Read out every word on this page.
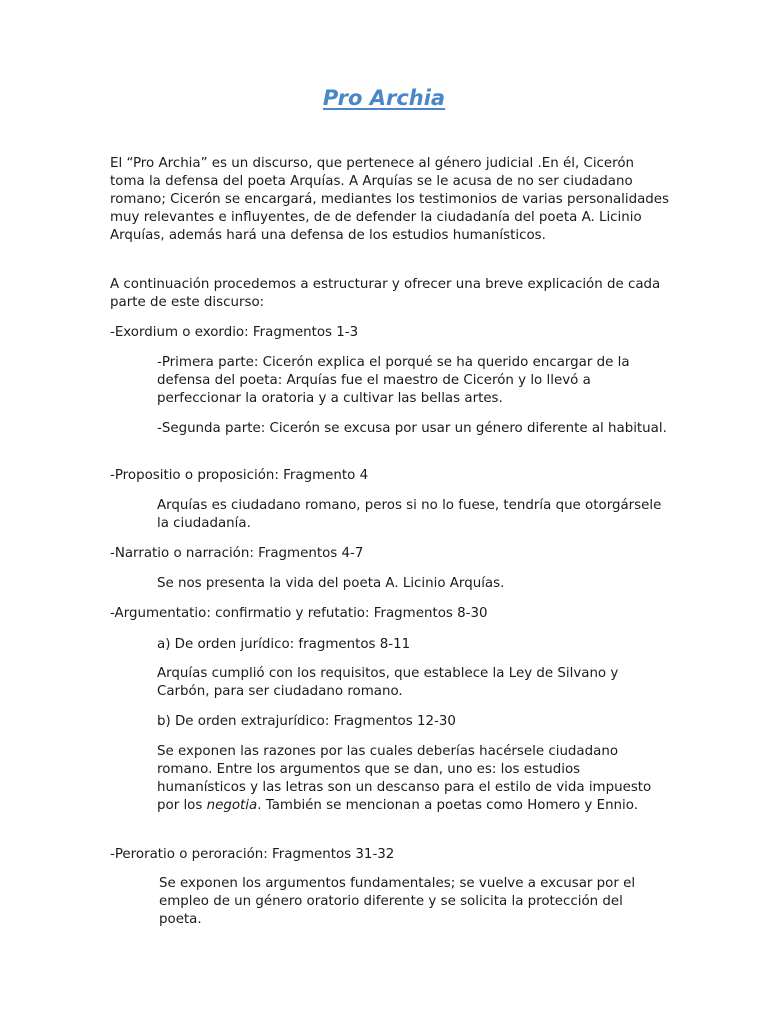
Pro Archia

El “Pro Archia” es un discurso, que pertenece al género judicial .En él, Cicerón toma la defensa del poeta Arquías. A Arquías se le acusa de no ser ciudadano romano; Cicerón se encargará, mediantes los testimonios de varias personalidades muy relevantes e influyentes, de de defender la ciudadanía del poeta A. Licinio Arquías, además hará una defensa de los estudios humanísticos.

A continuación procedemos a estructurar y ofrecer una breve explicación de cada parte de este discurso:

-Exordium o exordio: Fragmentos 1-3

-Primera parte: Cicerón explica el porqué se ha querido encargar de la defensa del poeta: Arquías fue el maestro de Cicerón y lo llevó a perfeccionar la oratoria y a cultivar las bellas artes.

-Segunda parte: Cicerón se excusa por usar un género diferente al habitual.

-Propositio o proposición: Fragmento 4

Arquías es ciudadano romano, peros si no lo fuese, tendría que otorgársele la ciudadanía.

-Narratio o narración: Fragmentos 4-7

Se nos presenta la vida del poeta A. Licinio Arquías.

-Argumentatio: confirmatio y refutatio: Fragmentos 8-30

a) De orden jurídico: fragmentos 8-11

Arquías cumplió con los requisitos, que establece la Ley de Silvano y Carbón, para ser ciudadano romano.

b) De orden extrajurídico: Fragmentos 12-30

Se exponen las razones por las cuales deberías hacérsele ciudadano romano. Entre los argumentos que se dan, uno es: los estudios humanísticos y las letras son un descanso para el estilo de vida impuesto por los negotia. También se mencionan a poetas como Homero y Ennio.

-Peroratio o peroración: Fragmentos 31-32

Se exponen los argumentos fundamentales; se vuelve a excusar por el empleo de un género oratorio diferente y se solicita la protección del poeta.
